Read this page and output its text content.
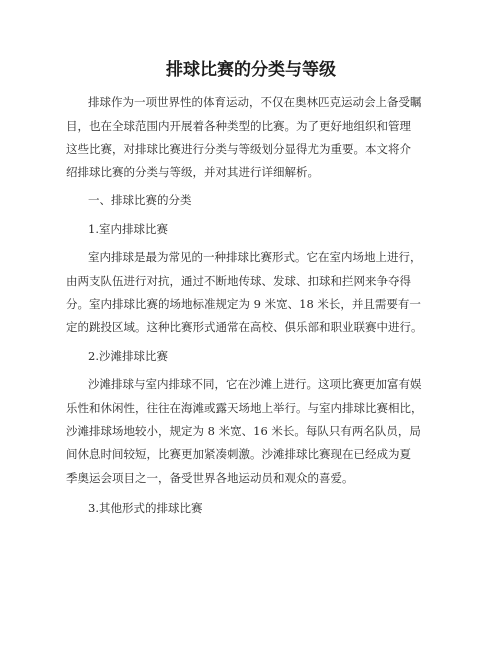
排球比赛的分类与等级

排球作为一项世界性的体育运动，不仅在奥林匹克运动会上备受瞩

目，也在全球范围内开展着各种类型的比赛。为了更好地组织和管理

这些比赛，对排球比赛进行分类与等级划分显得尤为重要。本文将介

绍排球比赛的分类与等级，并对其进行详细解析。

一、排球比赛的分类

1.室内排球比赛

室内排球是最为常见的一种排球比赛形式。它在室内场地上进行，

由两支队伍进行对抗，通过不断地传球、发球、扣球和拦网来争夺得

分。室内排球比赛的场地标准规定为 9 米宽、18 米长，并且需要有一

定的跳投区域。这种比赛形式通常在高校、俱乐部和职业联赛中进行。

2.沙滩排球比赛

沙滩排球与室内排球不同，它在沙滩上进行。这项比赛更加富有娱

乐性和休闲性，往往在海滩或露天场地上举行。与室内排球比赛相比，

沙滩排球场地较小，规定为 8 米宽、16 米长。每队只有两名队员，局

间休息时间较短，比赛更加紧凑刺激。沙滩排球比赛现在已经成为夏

季奥运会项目之一，备受世界各地运动员和观众的喜爱。

3.其他形式的排球比赛
